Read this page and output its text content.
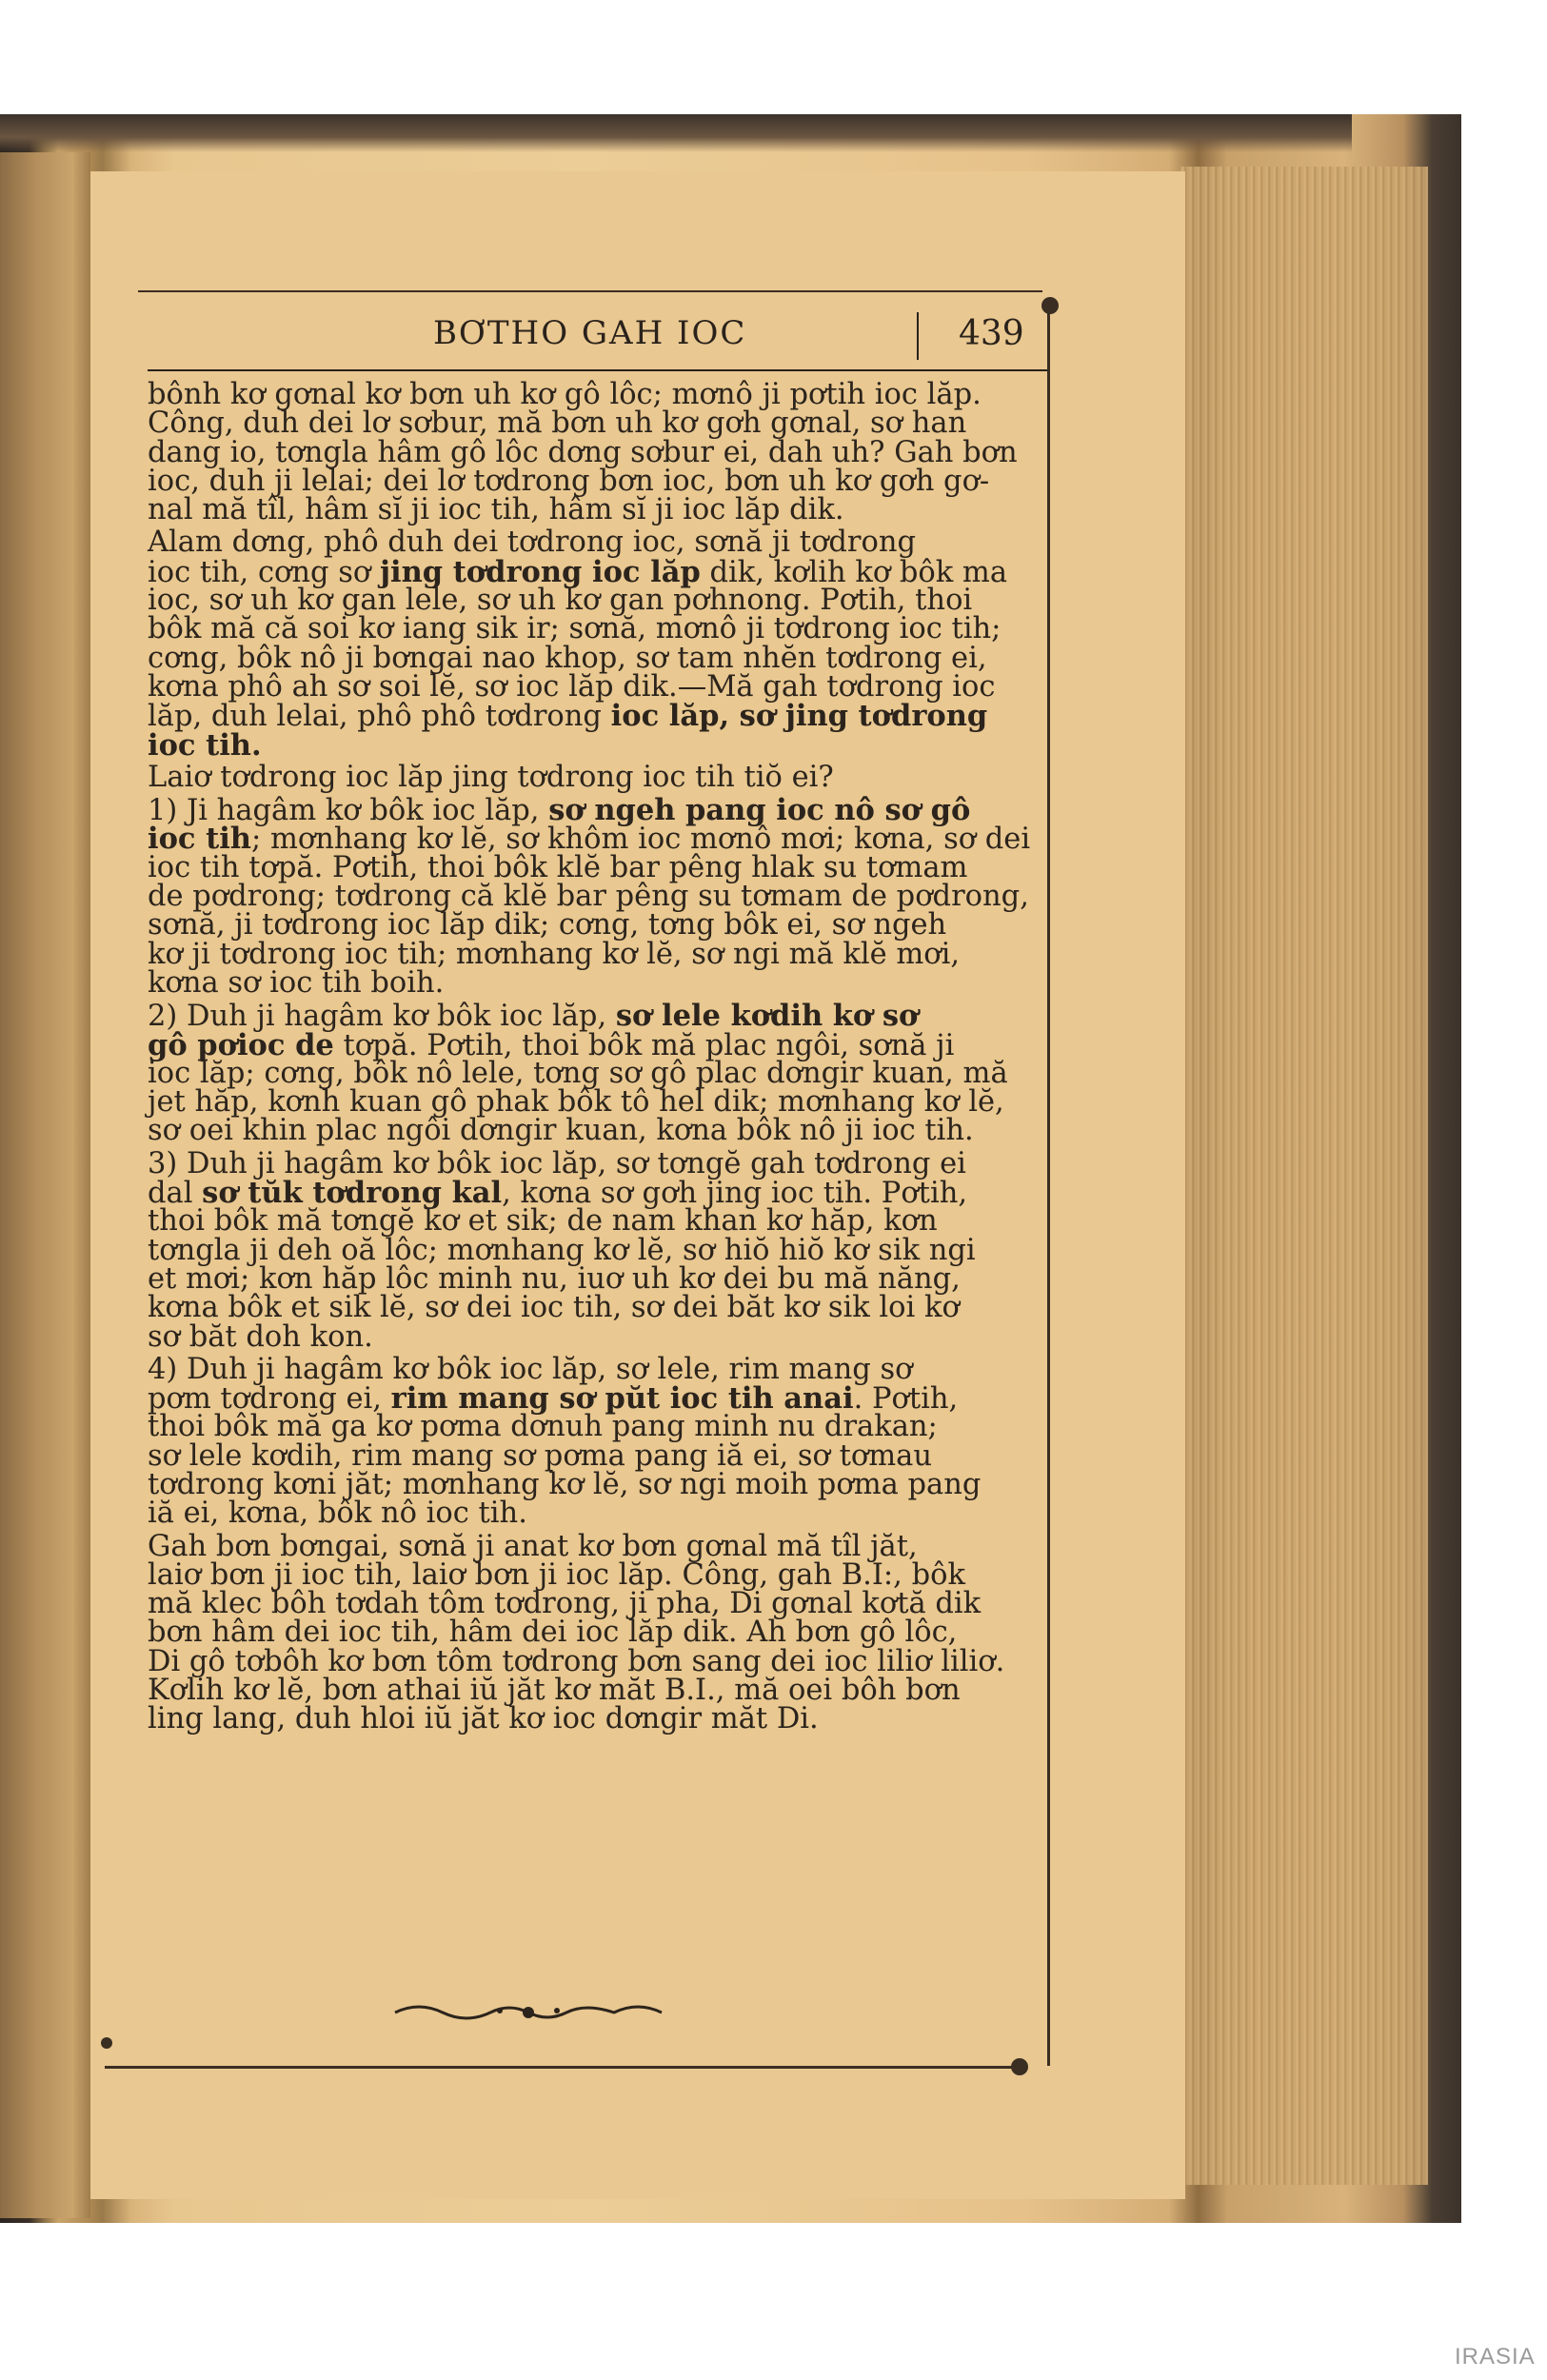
BƠTHO GAH IOC	439
bônh kơ gơnal kơ bơn uh kơ gô lôc; mơnô ji pơtih ioc lăp.
Công, duh dei lơ sơbur, mă bơn uh kơ gơh gơnal, sơ han
dang io, tơngla hâm gô lôc dơng sơbur ei, dah uh? Gah bơn
ioc, duh ji lelai; dei lơ tơdrong bơn ioc, bơn uh kơ gơh gơ-
nal mă tîl, hâm sĭ ji ioc tih, hâm sĭ ji ioc lăp dik.
Alam dơng, phô duh dei tơdrong ioc, sơnă ji tơdrong
ioc tih, cơng sơ jing tơdrong ioc lăp dik, kơlih kơ bôk ma
ioc, sơ uh kơ gan lele, sơ uh kơ gan pơhnong. Pơtih, thoi
bôk mă că soi kơ iang sik ir; sơnă, mơnô ji tơdrong ioc tih;
cơng, bôk nô ji bơngai nao khop, sơ tam nhĕn tơdrong ei,
kơna phô ah sơ soi lĕ, sơ ioc lăp dik.—Mă gah tơdrong ioc
lăp, duh lelai, phô phô tơdrong ioc lăp, sơ jing tơdrong
ioc tih.
Laiơ tơdrong ioc lăp jing tơdrong ioc tih tiŏ ei?
1) Ji hagâm kơ bôk ioc lăp, sơ ngeh pang ioc nô sơ gô
ioc tih; mơnhang kơ lĕ, sơ khôm ioc mơnô mơi; kơna, sơ dei
ioc tih tơpă. Pơtih, thoi bôk klĕ bar pêng hlak su tơmam
de pơdrong; tơdrong că klĕ bar pêng su tơmam de pơdrong,
sơnă, ji tơdrong ioc lăp dik; cơng, tơng bôk ei, sơ ngeh
kơ ji tơdrong ioc tih; mơnhang kơ lĕ, sơ ngi mă klĕ mơi,
kơna sơ ioc tih boih.
2) Duh ji hagâm kơ bôk ioc lăp, sơ lele kơdih kơ sơ
gô pơioc de tơpă. Pơtih, thoi bôk mă plac ngôi, sơnă ji
ioc lăp; cơng, bôk nô lele, tơng sơ gô plac dơngir kuan, mă
jet hăp, kơnh kuan gô phak bôk tô hel dik; mơnhang kơ lĕ,
sơ oei khin plac ngôi dơngir kuan, kơna bôk nô ji ioc tih.
3) Duh ji hagâm kơ bôk ioc lăp, sơ tơngĕ gah tơdrong ei
dal sơ tŭk tơdrong kal, kơna sơ gơh jing ioc tih. Pơtih,
thoi bôk mă tơngĕ kơ et sik; de nam khan kơ hăp, kơn
tơngla ji deh oă lôc; mơnhang kơ lĕ, sơ hiŏ hiŏ kơ sik ngi
et mơi; kơn hăp lôc minh nu, iuơ uh kơ dei bu mă năng,
kơna bôk et sik lĕ, sơ dei ioc tih, sơ dei băt kơ sik loi kơ
sơ băt doh kon.
4) Duh ji hagâm kơ bôk ioc lăp, sơ lele, rim mang sơ
pơm tơdrong ei, rim mang sơ pŭt ioc tih anai. Pơtih,
thoi bôk mă ga kơ pơma dơnuh pang minh nu drakan;
sơ lele kơdih, rim mang sơ pơma pang iă ei, sơ tơmau
tơdrong kơni jăt; mơnhang kơ lĕ, sơ ngi moih pơma pang
iă ei, kơna, bôk nô ioc tih.
Gah bơn bơngai, sơnă ji anat kơ bơn gơnal mă tîl jăt,
laiơ bơn ji ioc tih, laiơ bơn ji ioc lăp. Công, gah B.I:, bôk
mă klec bôh tơdah tôm tơdrong, ji pha, Di gơnal kơtă dik
bơn hâm dei ioc tih, hâm dei ioc lăp dik. Ah bơn gô lôc,
Di gô tơbôh kơ bơn tôm tơdrong bơn sang dei ioc liliơ liliơ.
Kơlih kơ lĕ, bơn athai iŭ jăt kơ măt B.I., mă oei bôh bơn
ling lang, duh hloi iŭ jăt kơ ioc dơngir măt Di.
IRASIA
